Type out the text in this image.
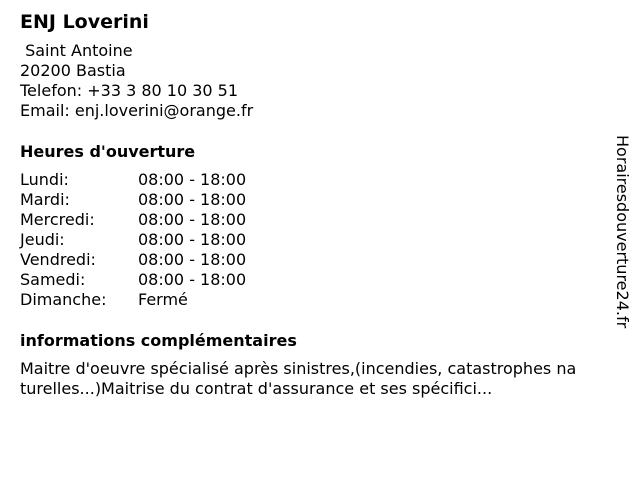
ENJ Loverini
Saint Antoine
20200 Bastia
Telefon: +33 3 80 10 30 51
Email: enj.loverini@orange.fr
Heures d'ouverture
Lundi:	08:00 - 18:00
Mardi:	08:00 - 18:00
Mercredi:	08:00 - 18:00
Jeudi:	08:00 - 18:00
Vendredi:	08:00 - 18:00
Samedi:	08:00 - 18:00
Dimanche:	Fermé
informations complémentaires
Maitre d'oeuvre spécialisé après sinistres,(incendies, catastrophes naturelles...)Maitrise du contrat d'assurance et ses spécifici...
Horairesdouverture24.fr
